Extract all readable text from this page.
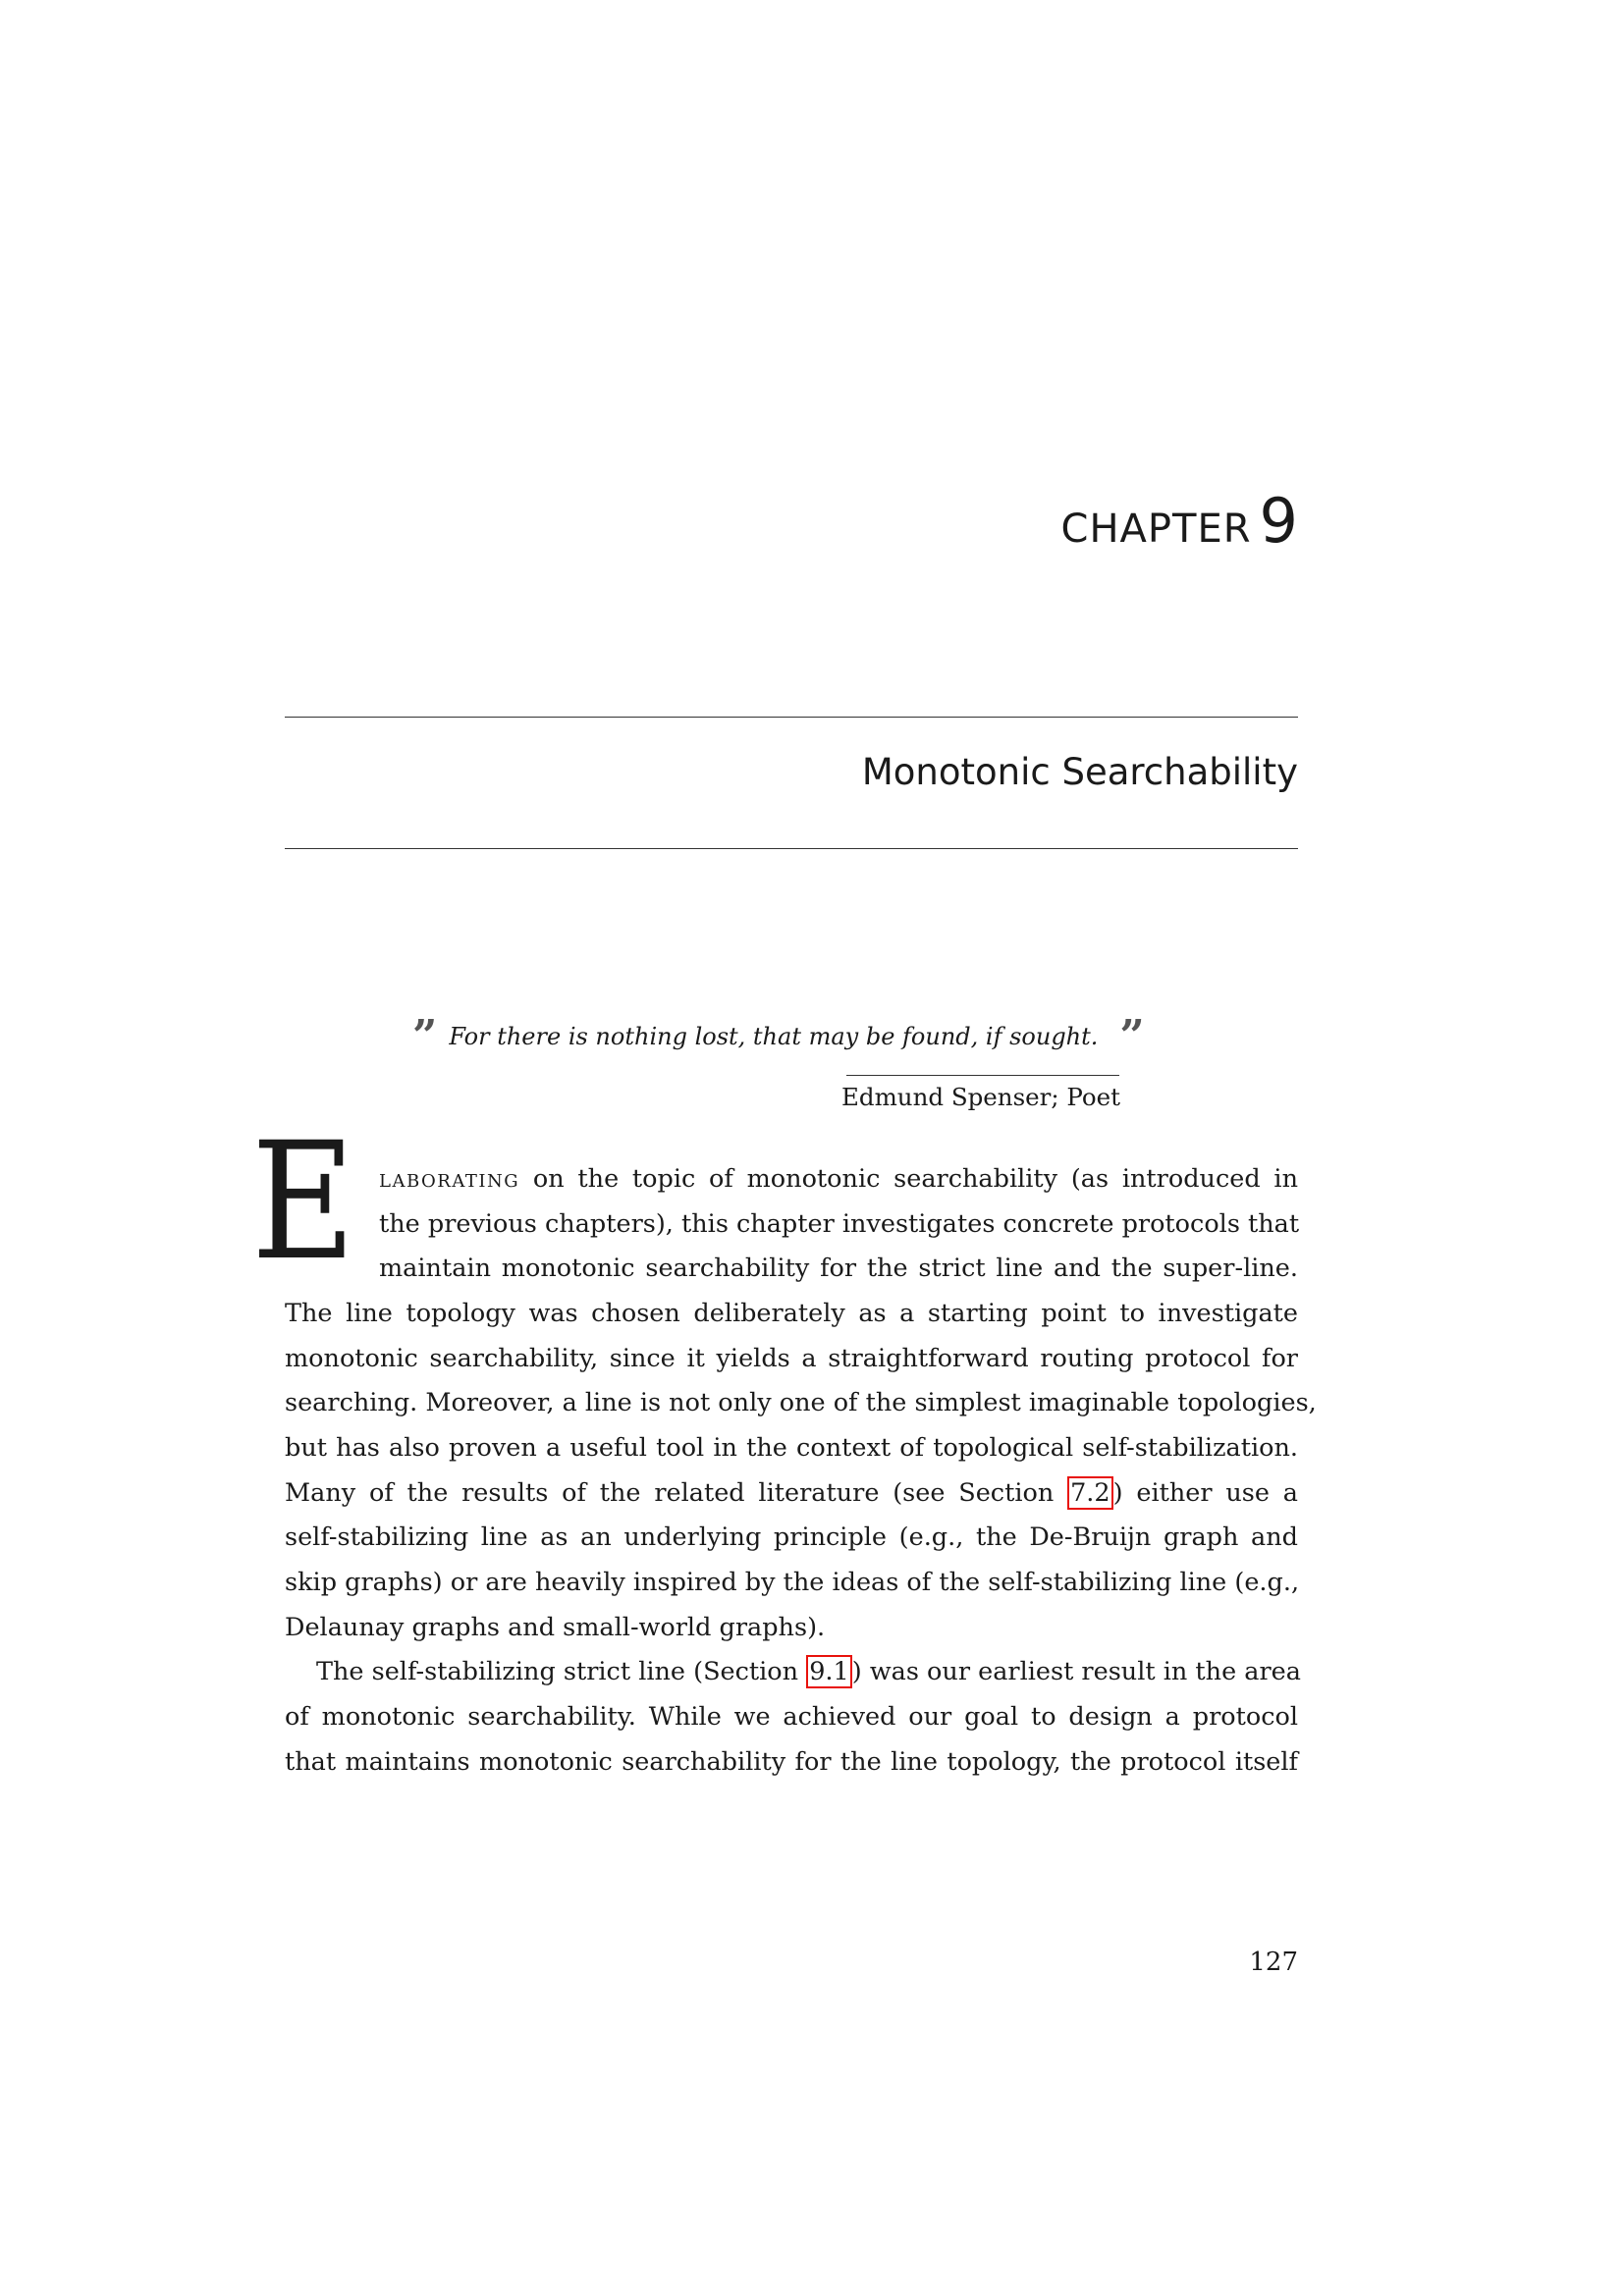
CHAPTER 9
Monotonic Searchability
” For there is nothing lost, that may be found, if sought. ”
Edmund Spenser; Poet
E laborating on the topic of monotonic searchability (as introduced in
the previous chapters), this chapter investigates concrete protocols that
maintain monotonic searchability for the strict line and the super-line.
The line topology was chosen deliberately as a starting point to investigate
monotonic searchability, since it yields a straightforward routing protocol for
searching. Moreover, a line is not only one of the simplest imaginable topologies,
but has also proven a useful tool in the context of topological self-stabilization.
Many of the results of the related literature (see Section 7.2 ) either use a
self-stabilizing line as an underlying principle (e.g., the De-Bruijn graph and
skip graphs) or are heavily inspired by the ideas of the self-stabilizing line (e.g.,
Delaunay graphs and small-world graphs).
The self-stabilizing strict line (Section 9.1 ) was our earliest result in the area
of monotonic searchability. While we achieved our goal to design a protocol
that maintains monotonic searchability for the line topology, the protocol itself
127
